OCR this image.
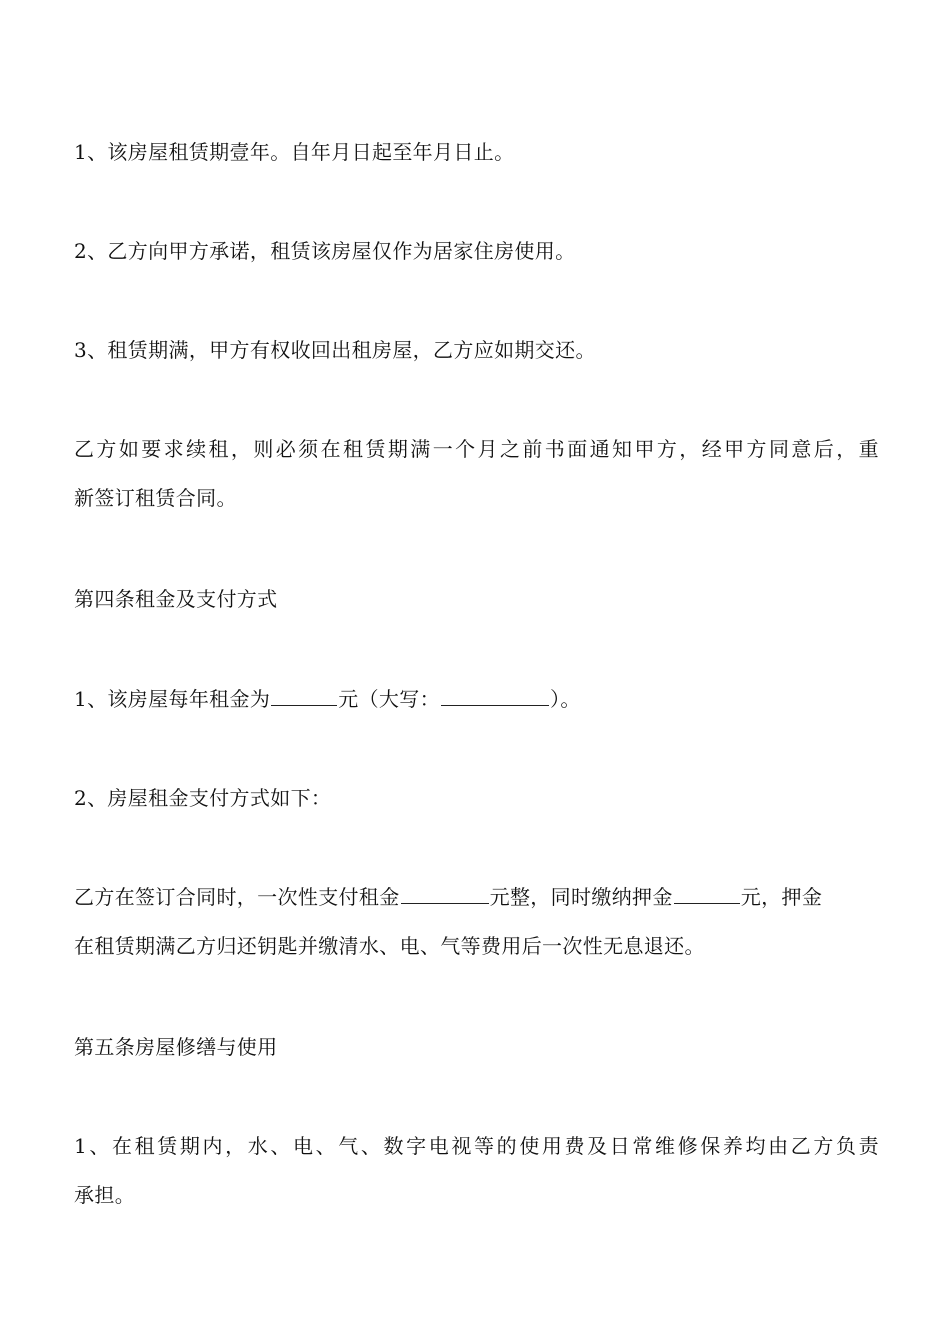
1、该房屋租赁期壹年。自年月日起至年月日止。
2、乙方向甲方承诺，租赁该房屋仅作为居家住房使用。
3、租赁期满，甲方有权收回出租房屋，乙方应如期交还。
乙方如要求续租，则必须在租赁期满一个月之前书面通知甲方，经甲方同意后，重
新签订租赁合同。
第四条租金及支付方式
1、该房屋每年租金为	元（大写：	）。
2、房屋租金支付方式如下：
乙方在签订合同时，一次性支付租金	元整，同时缴纳押金	元，押金
在租赁期满乙方归还钥匙并缴清水、电、气等费用后一次性无息退还。
第五条房屋修缮与使用
1、在租赁期内，水、电、气、数字电视等的使用费及日常维修保养均由乙方负责
承担。
